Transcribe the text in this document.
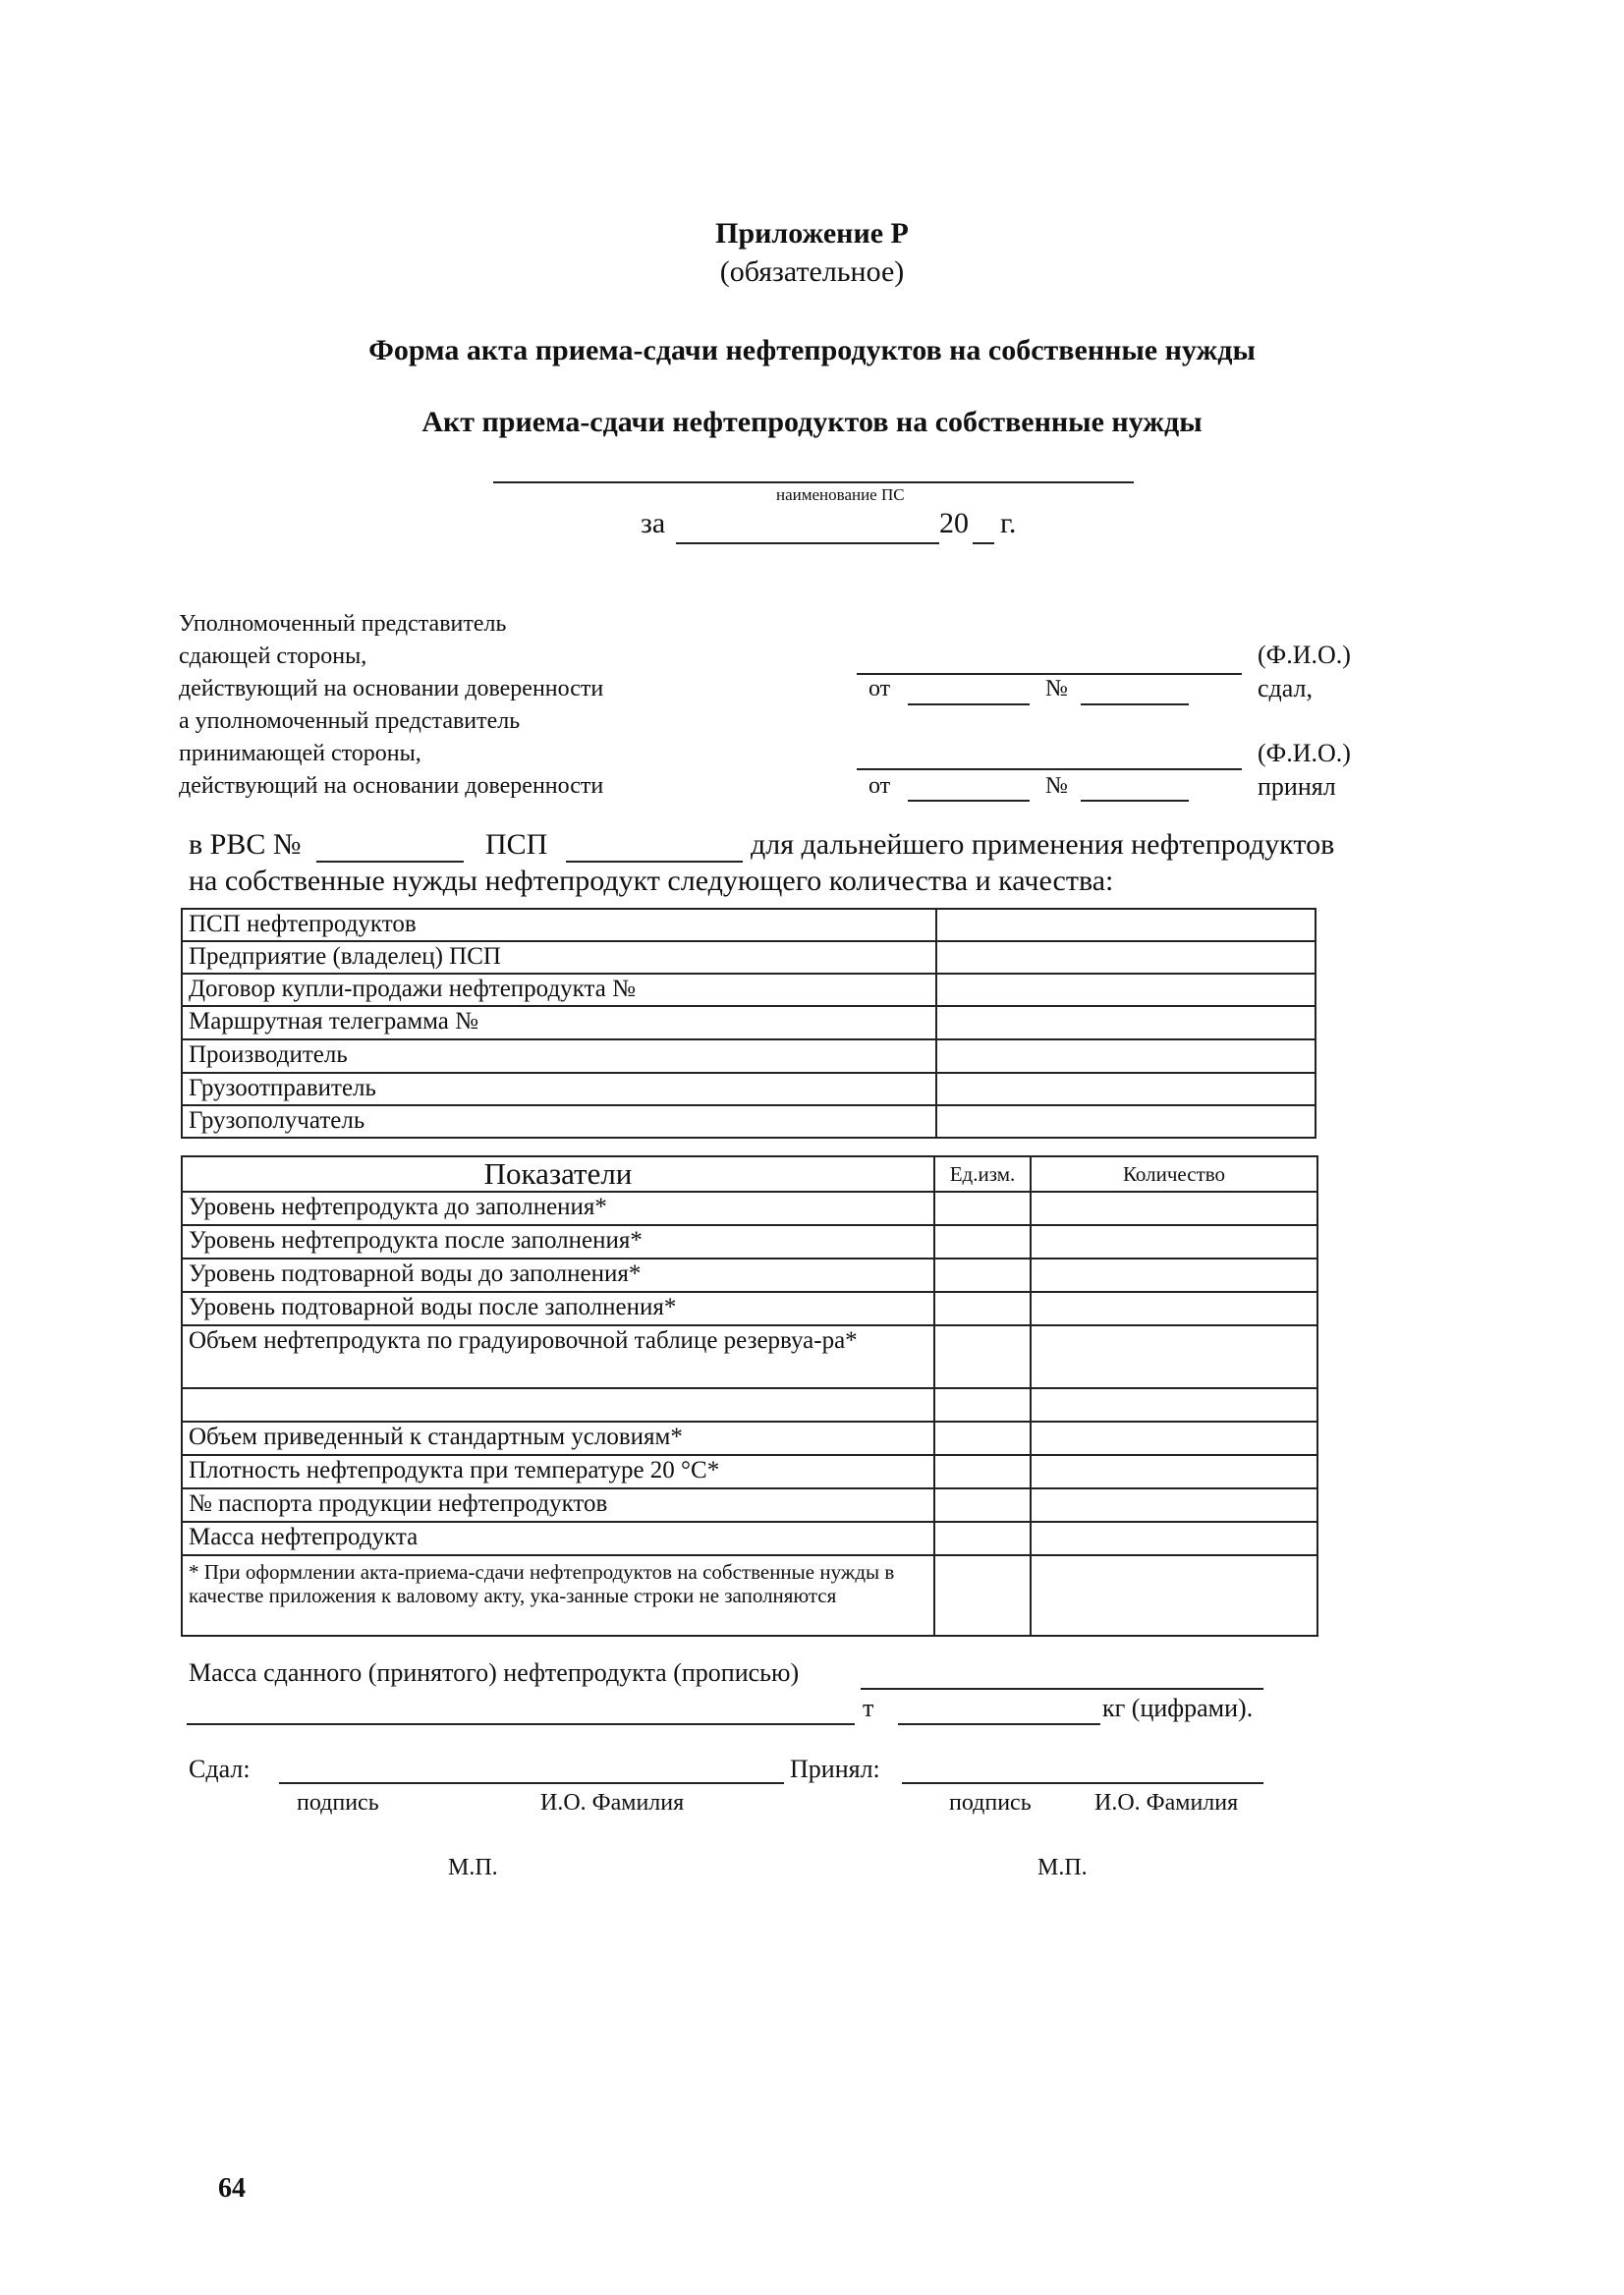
Приложение Р
(обязательное)
Форма акта приема-сдачи нефтепродуктов на собственные нужды
Акт приема-сдачи нефтепродуктов на собственные нужды
наименование ПС
за	20 г.
Уполномоченный представитель
сдающей стороны,
действующий на основании доверенности
а уполномоченный представитель
принимающей стороны,
действующий на основании доверенности
(Ф.И.О.)
от	№	сдал,
(Ф.И.О.)
от	№	принял
в РВС №	ПСП	для дальнейшего применения нефтепродуктов
на собственные нужды нефтепродукт следующего количества и качества:
ПСП нефтепродуктов	
Предприятие (владелец) ПСП	
Договор купли-продажи нефтепродукта №	
Маршрутная телеграмма №	
Производитель	
Грузоотправитель	
Грузополучатель	
Показатели	Ед.изм.	Количество
Уровень нефтепродукта до заполнения*		
Уровень нефтепродукта после заполнения*		
Уровень подтоварной воды до заполнения*		
Уровень подтоварной воды после заполнения*		
Объем нефтепродукта по градуировочной таблице резервуа-ра*		

Объем приведенный к стандартным условиям*		
Плотность нефтепродукта при температуре 20 °С*		
№ паспорта продукции нефтепродуктов		
Масса нефтепродукта		
* При оформлении акта-приема-сдачи нефтепродуктов на собственные нужды в качестве приложения к валовому акту, ука-занные строки не заполняются		
Масса сданного (принятого) нефтепродукта (прописью)
т	кг (цифрами).
Сдал:	Принял:
подпись	И.О. Фамилия	подпись	И.О. Фамилия
М.П.	М.П.
64
